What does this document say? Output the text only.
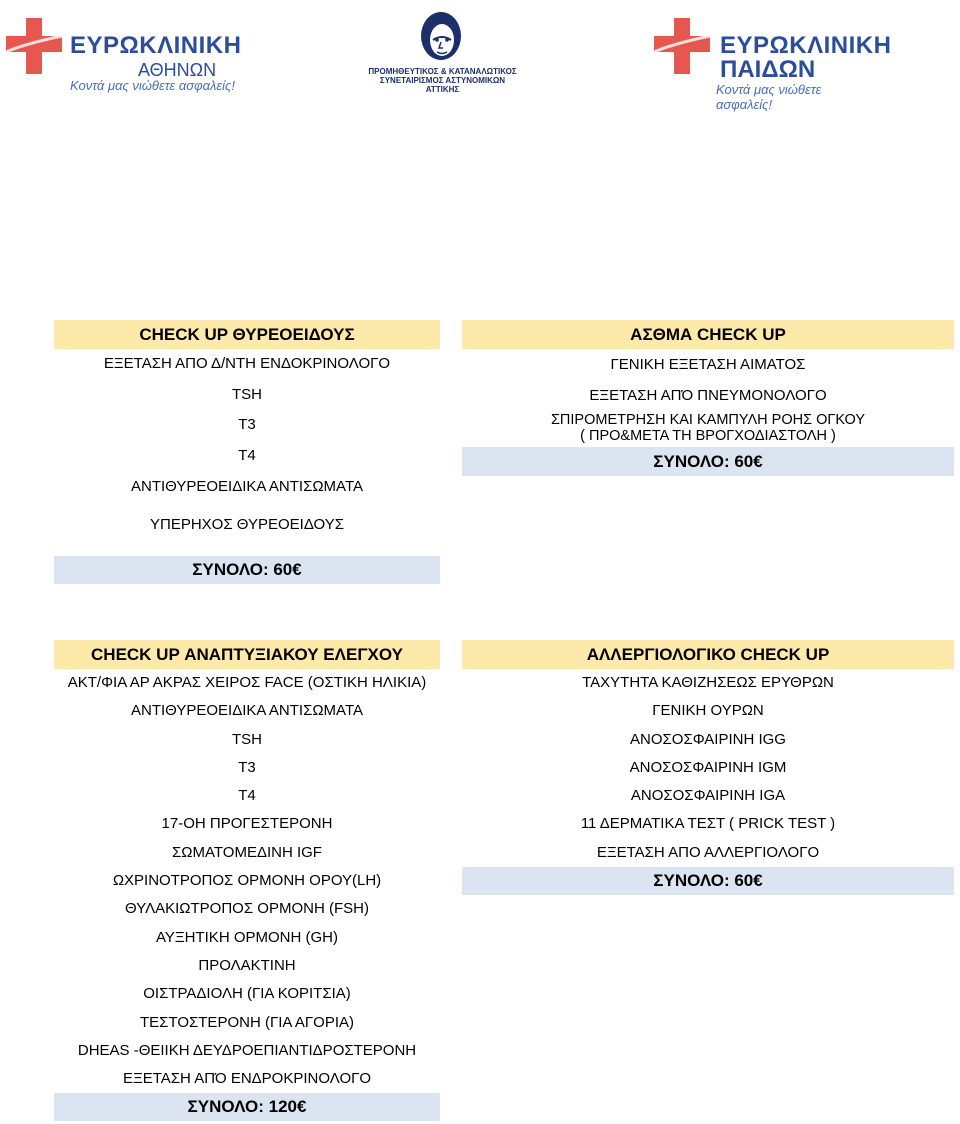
ΕΥΡΩΚΛΙΝΙΚΗ
ΑΘΗΝΩΝ
Κοντά μας νιώθετε ασφαλείς!
ΠΡΟΜΗΘΕΥΤΙΚΟΣ & ΚΑΤΑΝΑΛΩΤΙΚΟΣ
ΣΥΝΕΤΑΙΡΙΣΜΟΣ ΑΣΤΥΝΟΜΙΚΩΝ
ΑΤΤΙΚΗΣ
ΕΥΡΩΚΛΙΝΙΚΗ
ΠΑΙΔΩΝ
Κοντά μας νιώθετε ασφαλείς!
CHECK UP ΘΥΡΕΟΕΙΔΟΥΣ
ΕΞΕΤΑΣΗ ΑΠΟ Δ/ΝΤΗ ΕΝΔΟΚΡΙΝΟΛΟΓΟ
TSH
T3
T4
ΑΝΤΙΘΥΡΕΟΕΙΔΙΚΑ ΑΝΤΙΣΩΜΑΤΑ
ΥΠΕΡΗΧΟΣ ΘΥΡΕΟΕΙΔΟΥΣ
ΣΥΝΟΛΟ: 60€
ΑΣΘΜΑ CHECK UP
ΓΕΝΙΚΗ ΕΞΕΤΑΣΗ ΑΙΜΑΤΟΣ
ΕΞΕΤΑΣΗ ΑΠΌ ΠΝΕΥΜΟΝΟΛΟΓΟ
ΣΠΙΡΟΜΕΤΡΗΣΗ ΚΑΙ ΚΑΜΠΥΛΗ ΡΟΗΣ ΟΓΚΟΥ
( ΠΡΟ&ΜΕΤΑ ΤΗ ΒΡΟΓΧΟΔΙΑΣΤΟΛΗ )
ΣΥΝΟΛΟ: 60€
CHECK UP ΑΝΑΠΤΥΞΙΑΚΟΥ ΕΛΕΓΧΟΥ
ΑΚΤ/ΦΙΑ ΑΡ ΑΚΡΑΣ ΧΕΙΡΟΣ FACE (ΟΣΤΙΚΗ ΗΛΙΚΙΑ)
ΑΝΤΙΘΥΡΕΟΕΙΔΙΚΑ ΑΝΤΙΣΩΜΑΤΑ
TSH
T3
T4
17-OH ΠΡΟΓΕΣΤΕΡΟΝΗ
ΣΩΜΑΤΟΜΕΔΙΝΗ IGF
ΩΧΡΙΝΟΤΡΟΠΟΣ ΟΡΜΟΝΗ ΟΡΟΥ(LH)
ΘΥΛΑΚΙΩΤΡΟΠΟΣ ΟΡΜΟΝΗ (FSH)
ΑΥΞΗΤΙΚΗ ΟΡΜΟΝΗ (GH)
ΠΡΟΛΑΚΤΙΝΗ
ΟΙΣΤΡΑΔΙΟΛΗ (ΓΙΑ ΚΟΡΙΤΣΙΑ)
ΤΕΣΤΟΣΤΕΡΟΝΗ (ΓΙΑ ΑΓΟΡΙΑ)
DHEAS -ΘΕΙΙΚΗ ΔΕΥΔΡΟΕΠΙΑΝΤΙΔΡΟΣΤΕΡΟΝΗ
ΕΞΕΤΑΣΗ ΑΠΌ ΕΝΔΡΟΚΡΙΝΟΛΟΓΟ
ΣΥΝΟΛΟ: 120€
ΑΛΛΕΡΓΙΟΛΟΓΙΚΟ CHECK UP
ΤΑΧΥΤΗΤΑ ΚΑΘΙΖΗΣΕΩΣ ΕΡΥΘΡΩΝ
ΓΕΝΙΚΗ ΟΥΡΩΝ
ΑΝΟΣΟΣΦΑΙΡΙΝΗ IGG
ΑΝΟΣΟΣΦΑΙΡΙΝΗ IGM
ΑΝΟΣΟΣΦΑΙΡΙΝΗ IGA
11 ΔΕΡΜΑΤΙΚΑ ΤΕΣΤ ( PRICK TEST )
ΕΞΕΤΑΣΗ ΑΠΟ ΑΛΛΕΡΓΙΟΛΟΓΟ
ΣΥΝΟΛΟ: 60€
